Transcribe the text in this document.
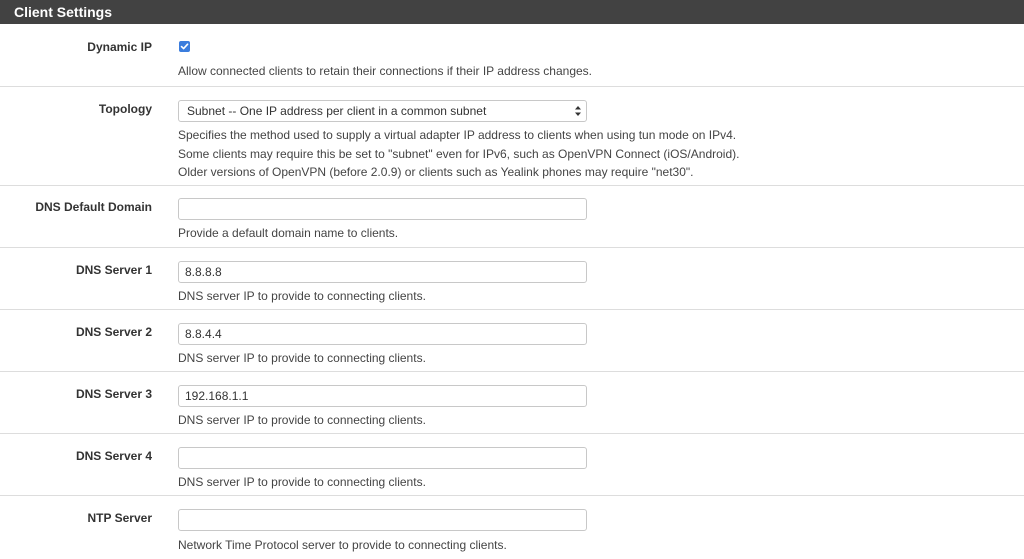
Client Settings
Dynamic IP
Allow connected clients to retain their connections if their IP address changes.
Topology	Subnet -- One IP address per client in a common subnet
Specifies the method used to supply a virtual adapter IP address to clients when using tun mode on IPv4.
Some clients may require this be set to "subnet" even for IPv6, such as OpenVPN Connect (iOS/Android).
Older versions of OpenVPN (before 2.0.9) or clients such as Yealink phones may require "net30".
DNS Default Domain
Provide a default domain name to clients.
DNS Server 1
8.8.8.8
DNS server IP to provide to connecting clients.
DNS Server 2
8.8.4.4
DNS server IP to provide to connecting clients.
DNS Server 3
192.168.1.1
DNS server IP to provide to connecting clients.
DNS Server 4
DNS server IP to provide to connecting clients.
NTP Server
Network Time Protocol server to provide to connecting clients.
